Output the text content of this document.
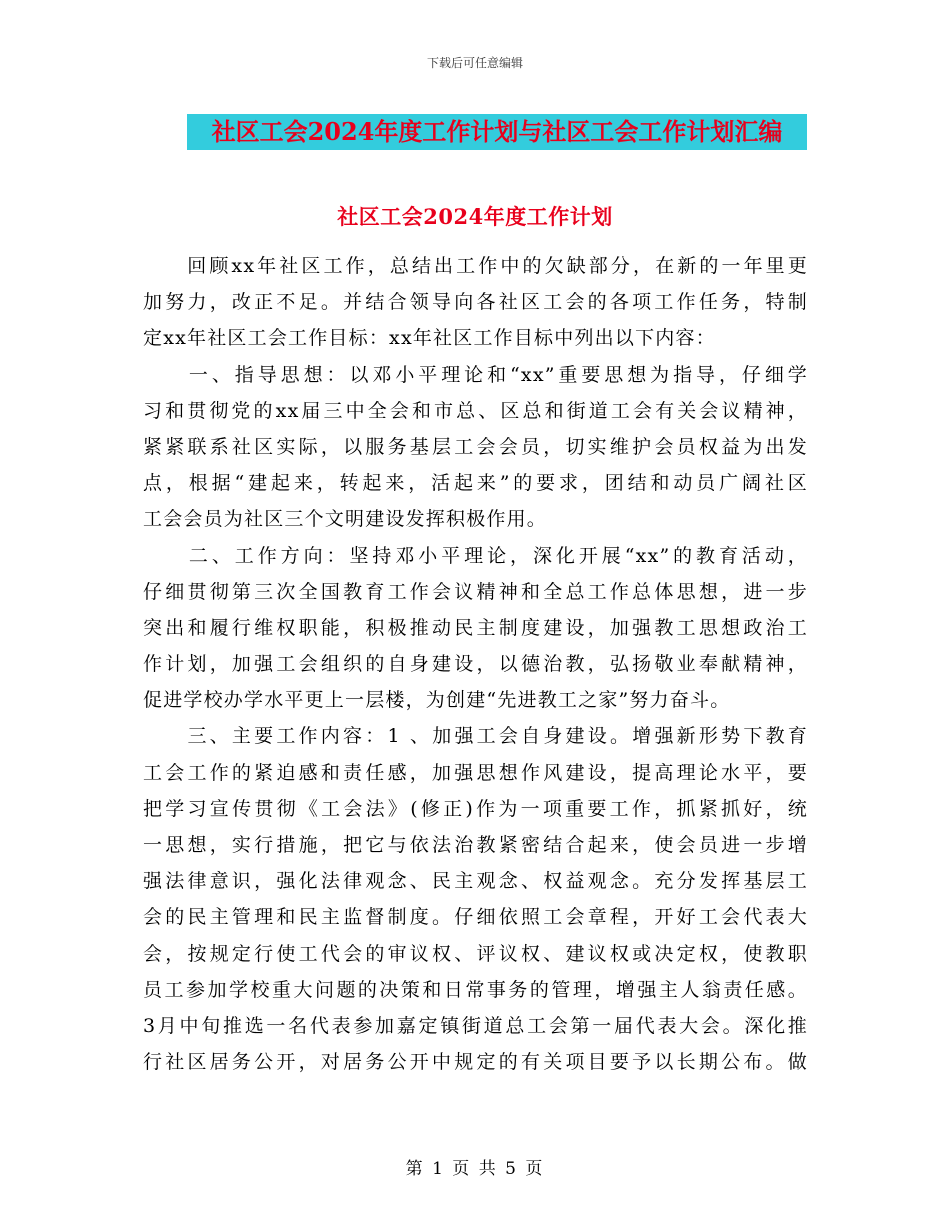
下载后可任意编辑
社区工会2024年度工作计划与社区工会工作计划汇编
社区工会2024年度工作计划
　　回顾xx年社区工作，总结出工作中的欠缺部分，在新的一年里更
加努力，改正不足。并结合领导向各社区工会的各项工作任务，特制
定xx年社区工会工作目标：xx年社区工作目标中列出以下内容：
　　一、指导思想：以邓小平理论和“xx”重要思想为指导，仔细学
习和贯彻党的xx届三中全会和市总、区总和街道工会有关会议精神，
紧紧联系社区实际，以服务基层工会会员，切实维护会员权益为出发
点，根据“建起来，转起来，活起来”的要求，团结和动员广阔社区
工会会员为社区三个文明建设发挥积极作用。
　　二、工作方向：坚持邓小平理论，深化开展“xx”的教育活动，
仔细贯彻第三次全国教育工作会议精神和全总工作总体思想，进一步
突出和履行维权职能，积极推动民主制度建设，加强教工思想政治工
作计划，加强工会组织的自身建设，以德治教，弘扬敬业奉献精神，
促进学校办学水平更上一层楼，为创建“先进教工之家”努力奋斗。
　　三、主要工作内容：1 、加强工会自身建设。增强新形势下教育
工会工作的紧迫感和责任感，加强思想作风建设，提高理论水平，要
把学习宣传贯彻《工会法》(修正)作为一项重要工作，抓紧抓好，统
一思想，实行措施，把它与依法治教紧密结合起来，使会员进一步增
强法律意识，强化法律观念、民主观念、权益观念。充分发挥基层工
会的民主管理和民主监督制度。仔细依照工会章程，开好工会代表大
会，按规定行使工代会的审议权、评议权、建议权或决定权，使教职
员工参加学校重大问题的决策和日常事务的管理，增强主人翁责任感。
3月中旬推选一名代表参加嘉定镇街道总工会第一届代表大会。深化推
行社区居务公开，对居务公开中规定的有关项目要予以长期公布。做
第 1 页 共 5 页
